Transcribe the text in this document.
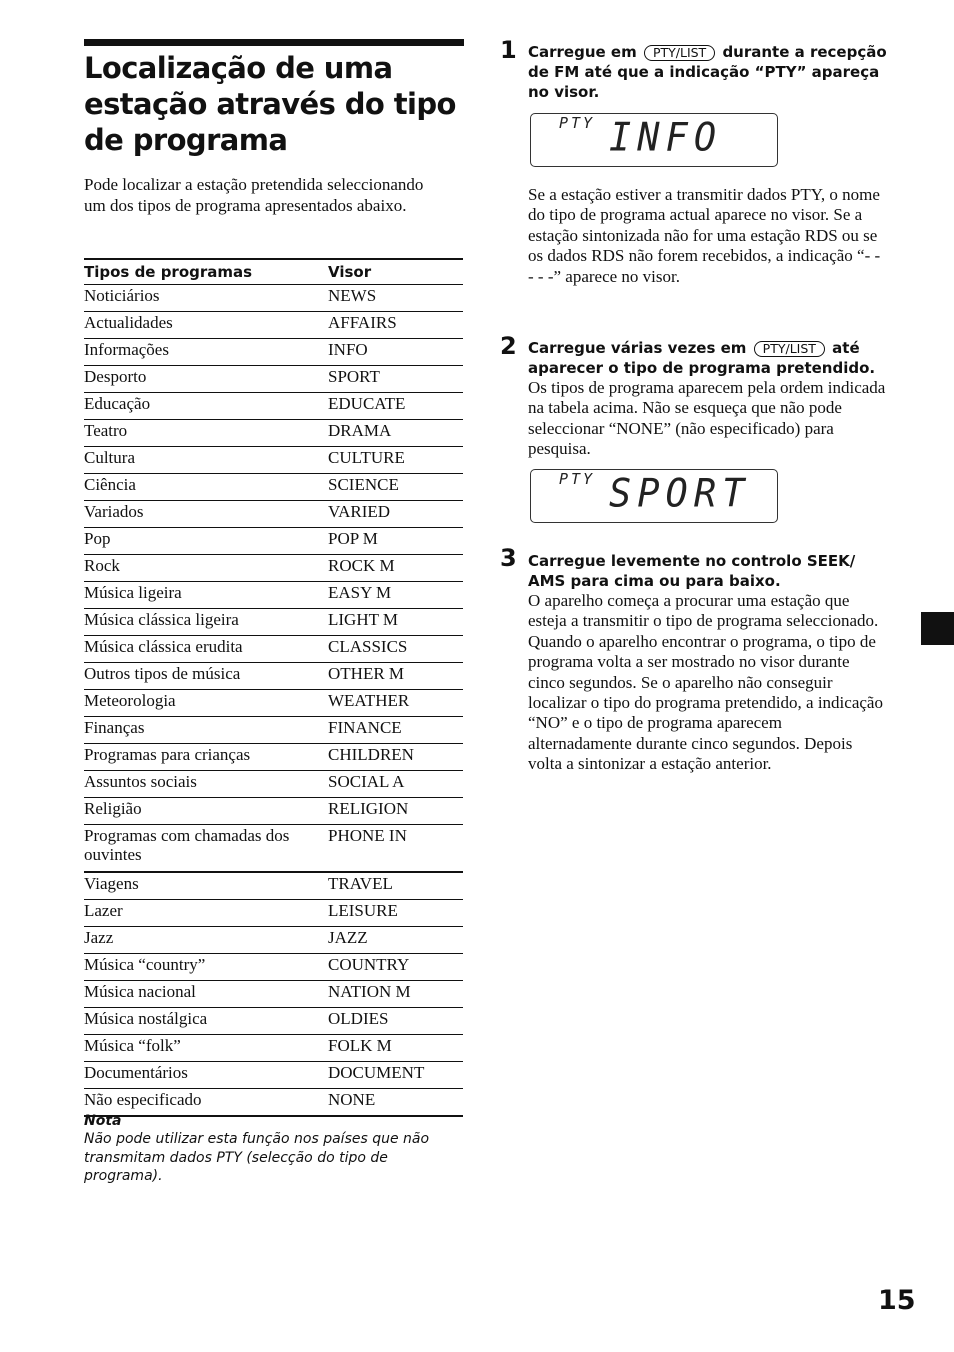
Localização de uma estação através do tipo de programa

Pode localizar a estação pretendida seleccionando um dos tipos de programa apresentados abaixo.

Tipos de programas	Visor
Noticiários	NEWS
Actualidades	AFFAIRS
Informações	INFO
Desporto	SPORT
Educação	EDUCATE
Teatro	DRAMA
Cultura	CULTURE
Ciência	SCIENCE
Variados	VARIED
Pop	POP M
Rock	ROCK M
Música ligeira	EASY M
Música clássica ligeira	LIGHT M
Música clássica erudita	CLASSICS
Outros tipos de música	OTHER M
Meteorologia	WEATHER
Finanças	FINANCE
Programas para crianças	CHILDREN
Assuntos sociais	SOCIAL A
Religião	RELIGION
Programas com chamadas dos ouvintes	PHONE IN
Viagens	TRAVEL
Lazer	LEISURE
Jazz	JAZZ
Música “country”	COUNTRY
Música nacional	NATION M
Música nostálgica	OLDIES
Música “folk”	FOLK M
Documentários	DOCUMENT
Não especificado	NONE
Nota
Não pode utilizar esta função nos países que não transmitam dados PTY (selecção do tipo de programa).
1 Carregue em PTY/LIST durante a recepção de FM até que a indicação “PTY” apareça no visor.
PTY INFO
Se a estação estiver a transmitir dados PTY, o nome do tipo de programa actual aparece no visor. Se a estação sintonizada não for uma estação RDS ou se os dados RDS não forem recebidos, a indicação “- - - - -” aparece no visor.
2 Carregue várias vezes em PTY/LIST até aparecer o tipo de programa pretendido.
Os tipos de programa aparecem pela ordem indicada na tabela acima. Não se esqueça que não pode seleccionar “NONE” (não especificado) para pesquisa.
PTY SPORT
3 Carregue levemente no controlo SEEK/ AMS para cima ou para baixo.
O aparelho começa a procurar uma estação que esteja a transmitir o tipo de programa seleccionado. Quando o aparelho encontrar o programa, o tipo de programa volta a ser mostrado no visor durante cinco segundos. Se o aparelho não conseguir localizar o tipo do programa pretendido, a indicação “NO” e o tipo de programa aparecem alternadamente durante cinco segundos. Depois volta a sintonizar a estação anterior.
15
